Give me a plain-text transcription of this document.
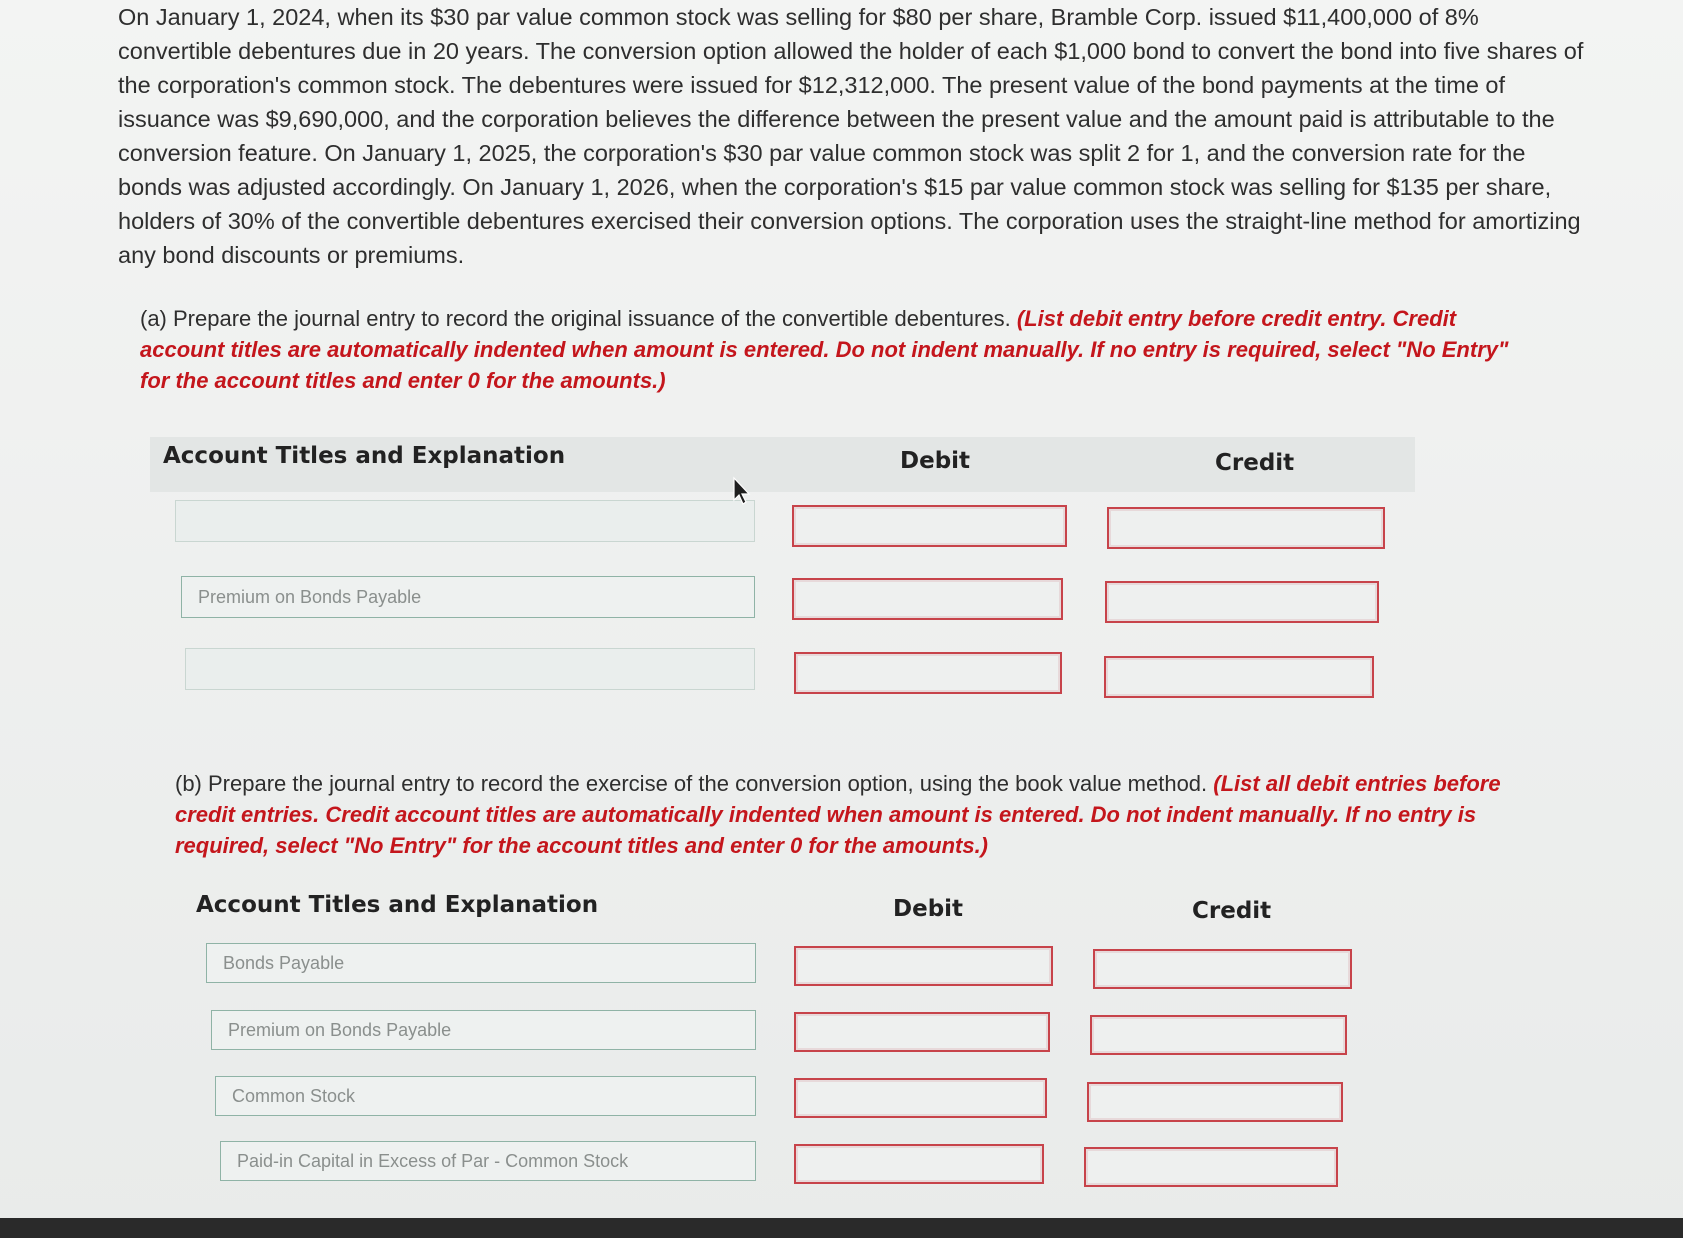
On January 1, 2024, when its $30 par value common stock was selling for $80 per share, Bramble Corp. issued $11,400,000 of 8% convertible debentures due in 20 years. The conversion option allowed the holder of each $1,000 bond to convert the bond into five shares of the corporation's common stock. The debentures were issued for $12,312,000. The present value of the bond payments at the time of issuance was $9,690,000, and the corporation believes the difference between the present value and the amount paid is attributable to the conversion feature. On January 1, 2025, the corporation's $30 par value common stock was split 2 for 1, and the conversion rate for the bonds was adjusted accordingly. On January 1, 2026, when the corporation's $15 par value common stock was selling for $135 per share, holders of 30% of the convertible debentures exercised their conversion options. The corporation uses the straight-line method for amortizing any bond discounts or premiums.
(a) Prepare the journal entry to record the original issuance of the convertible debentures. (List debit entry before credit entry. Credit account titles are automatically indented when amount is entered. Do not indent manually. If no entry is required, select "No Entry" for the account titles and enter 0 for the amounts.)
Account Titles and Explanation	Debit	Credit
Premium on Bonds Payable
(b) Prepare the journal entry to record the exercise of the conversion option, using the book value method. (List all debit entries before credit entries. Credit account titles are automatically indented when amount is entered. Do not indent manually. If no entry is required, select "No Entry" for the account titles and enter 0 for the amounts.)
Account Titles and Explanation	Debit	Credit
Bonds Payable
Premium on Bonds Payable
Common Stock
Paid-in Capital in Excess of Par - Common Stock
